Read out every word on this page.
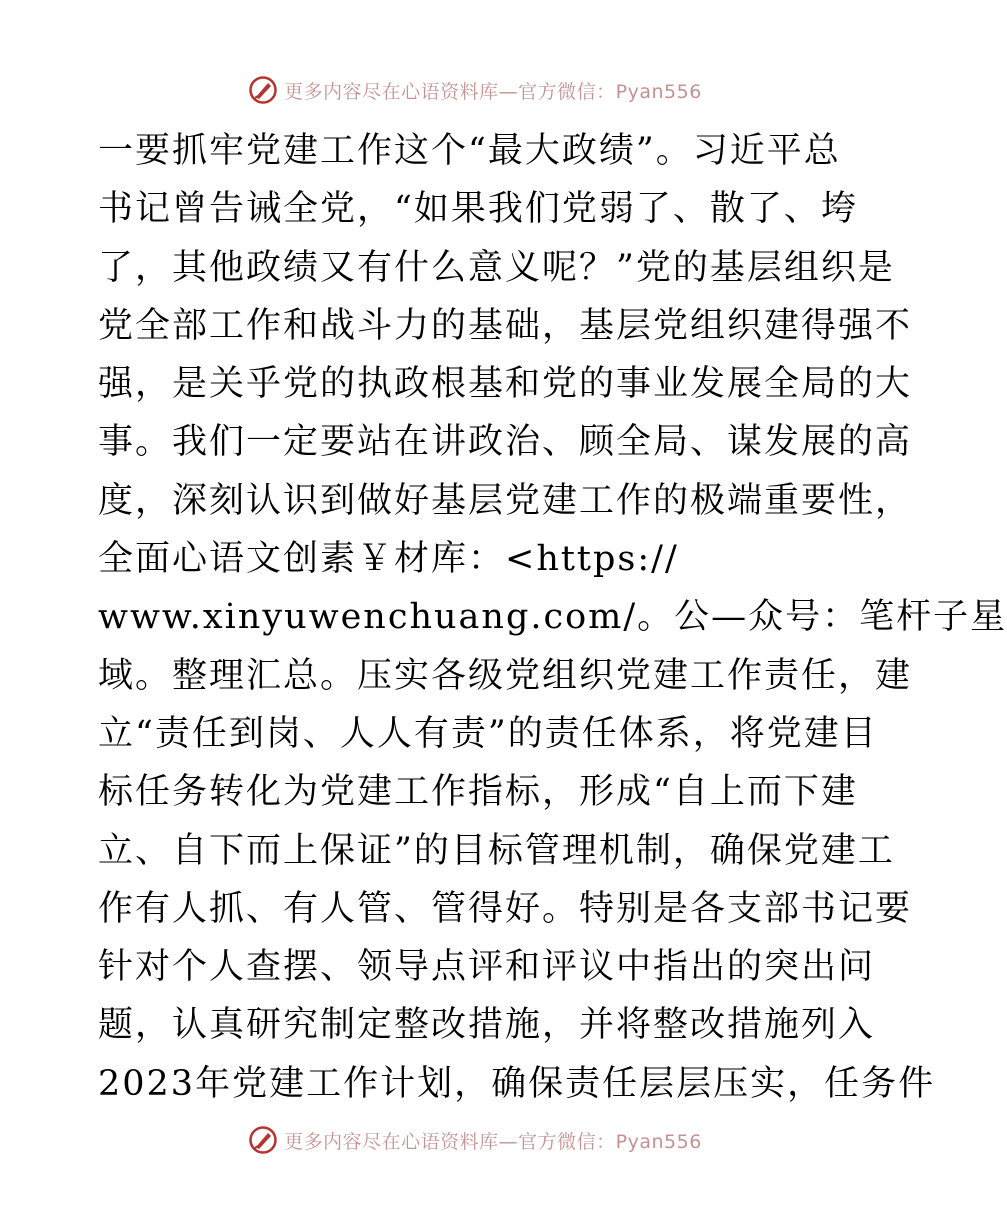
更多内容尽在心语资料库—官方微信：Pyan556
一要抓牢党建工作这个“最大政绩”。习近平总
书记曾告诫全党，“如果我们党弱了、散了、垮
了，其他政绩又有什么意义呢？”党的基层组织是
党全部工作和战斗力的基础，基层党组织建得强不
强，是关乎党的执政根基和党的事业发展全局的大
事。我们一定要站在讲政治、顾全局、谋发展的高
度，深刻认识到做好基层党建工作的极端重要性，
全面心语文创素￥材库：<https://
www.xinyuwenchuang.com/。公—众号：笔杆子星
域。整理汇总。压实各级党组织党建工作责任，建
立“责任到岗、人人有责”的责任体系，将党建目
标任务转化为党建工作指标，形成“自上而下建
立、自下而上保证”的目标管理机制，确保党建工
作有人抓、有人管、管得好。特别是各支部书记要
针对个人查摆、领导点评和评议中指出的突出问
题，认真研究制定整改措施，并将整改措施列入
2023年党建工作计划，确保责任层层压实，任务件
更多内容尽在心语资料库—官方微信：Pyan556
